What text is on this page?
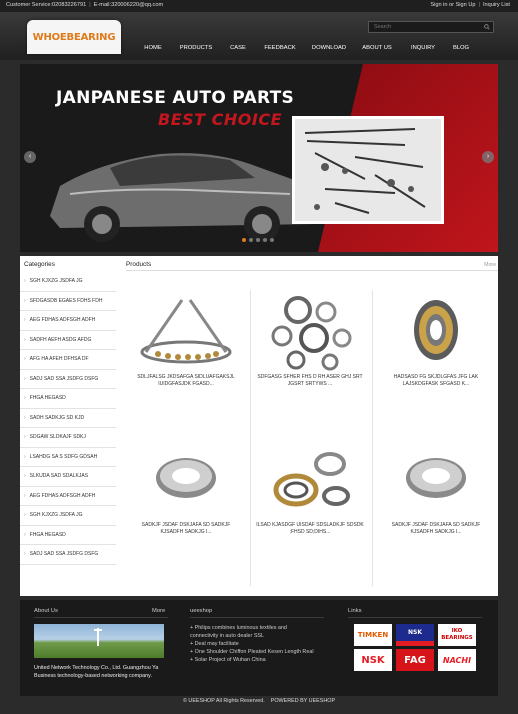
Customer Service:02083226791 | E-mail:320006220@qq.com	Sign in or Sign Up | Inquiry List
WHOEBEARING
Search
HOME	PRODUCTS	CASE	FEEDBACK	DOWNLOAD	ABOUT US	INQUIRY	BLOG
JANPANESE AUTO PARTS
BEST CHOICE
‹	›
Categories
› SGH KJXZG JSDFA JG
› SFDGASDB EGAES FDHS FDH
› AEG FDHAS ADFSGH ADFH
› SADFH AEFH ASDG AFDG
› AFG HA AFEH DFHSA DF
› SADJ SAD SSA JSDFG DSFG
› FHGA HEGASD
› SADH SADKJG SD KJD
› SDGAW SLDKAJF SDKJ
› LSAHDG SA S SDFG GDSAH
› SLKUDA SAD SDALKJAS
› AEG FDHAS ADFSGH ADFH
› SGH KJXZG JSDFA JG
› FHGA HEGASD
› SADJ SAD SSA JSDFG DSFG
Products	More
SDLJFALSG JKDSAFGA SIDLUAFGAKSJL IUIDGFASJDK FGASD...
SDFGASG SFHER FHS D RH ASER GHJ SRT JGSRT SRTYWS ...
HADSASD FG SKJDLGFAS JFG LAK LAJSKDGFASK SFGASD K...
SADKJF JSDAF DSKJAFA SD SADKJF KJSADFH SADKJG I...
ILSAD KJASDGF UISDAF SDSLADKJF SDSDK ;FHSD SD;DIHS...
SADKJF JSDAF DSKJAFA SD SADKJF KJSADFH SADKJG I...
About Us	More
United Network Technology Co., Ltd. Guangzhou Ya Business technology-based networking company.
ueeshop
+ Philips combines luminous textiles and
connectivity in auto dealer SSL
+ Deal may facilitate
+ One Shoulder Chiffon Pleated Kesen Length Real
+ Solar Project of Wuhan China
Links
TIMKEN	NSK	IKO BEARINGS
NSK	FAG	NACHI
© UEESHOP All Rights Reserved. POWERED BY UEESHOP
